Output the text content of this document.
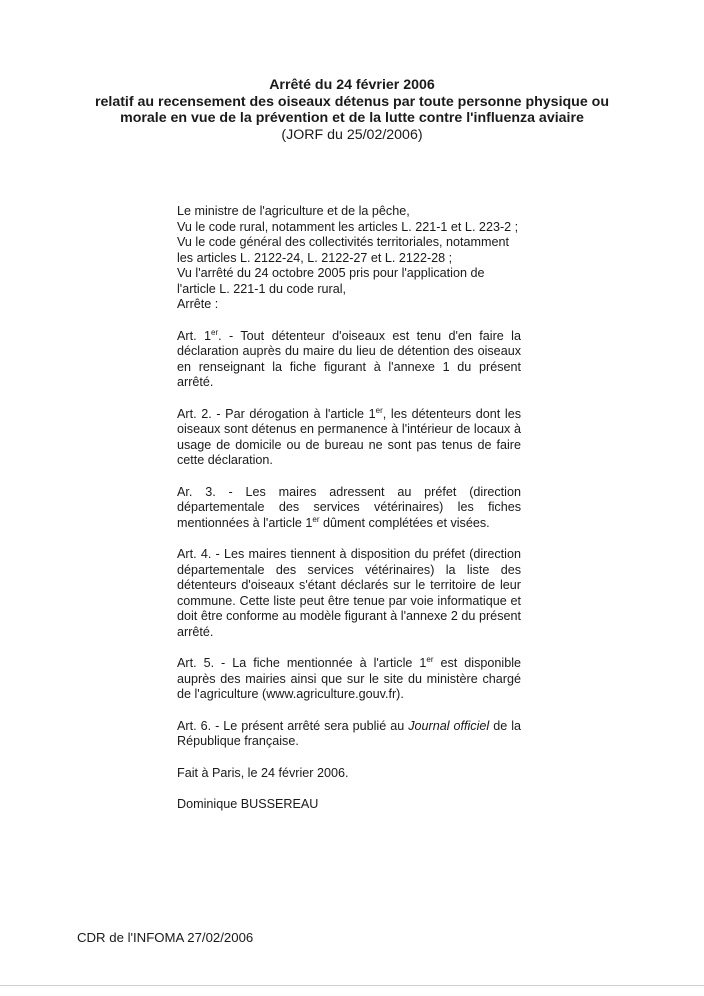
Arrêté du 24 février 2006
relatif au recensement des oiseaux détenus par toute personne physique ou
morale en vue de la prévention et de la lutte contre l'influenza aviaire
(JORF du 25/02/2006)

Le ministre de l'agriculture et de la pêche,

Vu le code rural, notamment les articles L. 221-1 et L. 223-2 ;

Vu le code général des collectivités territoriales, notamment les articles L. 2122-24, L. 2122-27 et L. 2122-28 ;

Vu l'arrêté du 24 octobre 2005 pris pour l'application de l'article L. 221-1 du code rural,

Arrête :

Art. 1er. - Tout détenteur d'oiseaux est tenu d'en faire la déclaration auprès du maire du lieu de détention des oiseaux en renseignant la fiche figurant à l'annexe 1 du présent arrêté.

Art. 2. - Par dérogation à l'article 1er, les détenteurs dont les oiseaux sont détenus en permanence à l'intérieur de locaux à usage de domicile ou de bureau ne sont pas tenus de faire cette déclaration.

Ar. 3. - Les maires adressent au préfet (direction départementale des services vétérinaires) les fiches mentionnées à l'article 1er dûment complétées et visées.

Art. 4. - Les maires tiennent à disposition du préfet (direction départementale des services vétérinaires) la liste des détenteurs d'oiseaux s'étant déclarés sur le territoire de leur commune. Cette liste peut être tenue par voie informatique et doit être conforme au modèle figurant à l'annexe 2 du présent arrêté.

Art. 5. - La fiche mentionnée à l'article 1er est disponible auprès des mairies ainsi que sur le site du ministère chargé de l'agriculture (www.agriculture.gouv.fr).

Art. 6. - Le présent arrêté sera publié au Journal officiel de la République française.

Fait à Paris, le 24 février 2006.

Dominique BUSSEREAU

CDR de l'INFOMA 27/02/2006
